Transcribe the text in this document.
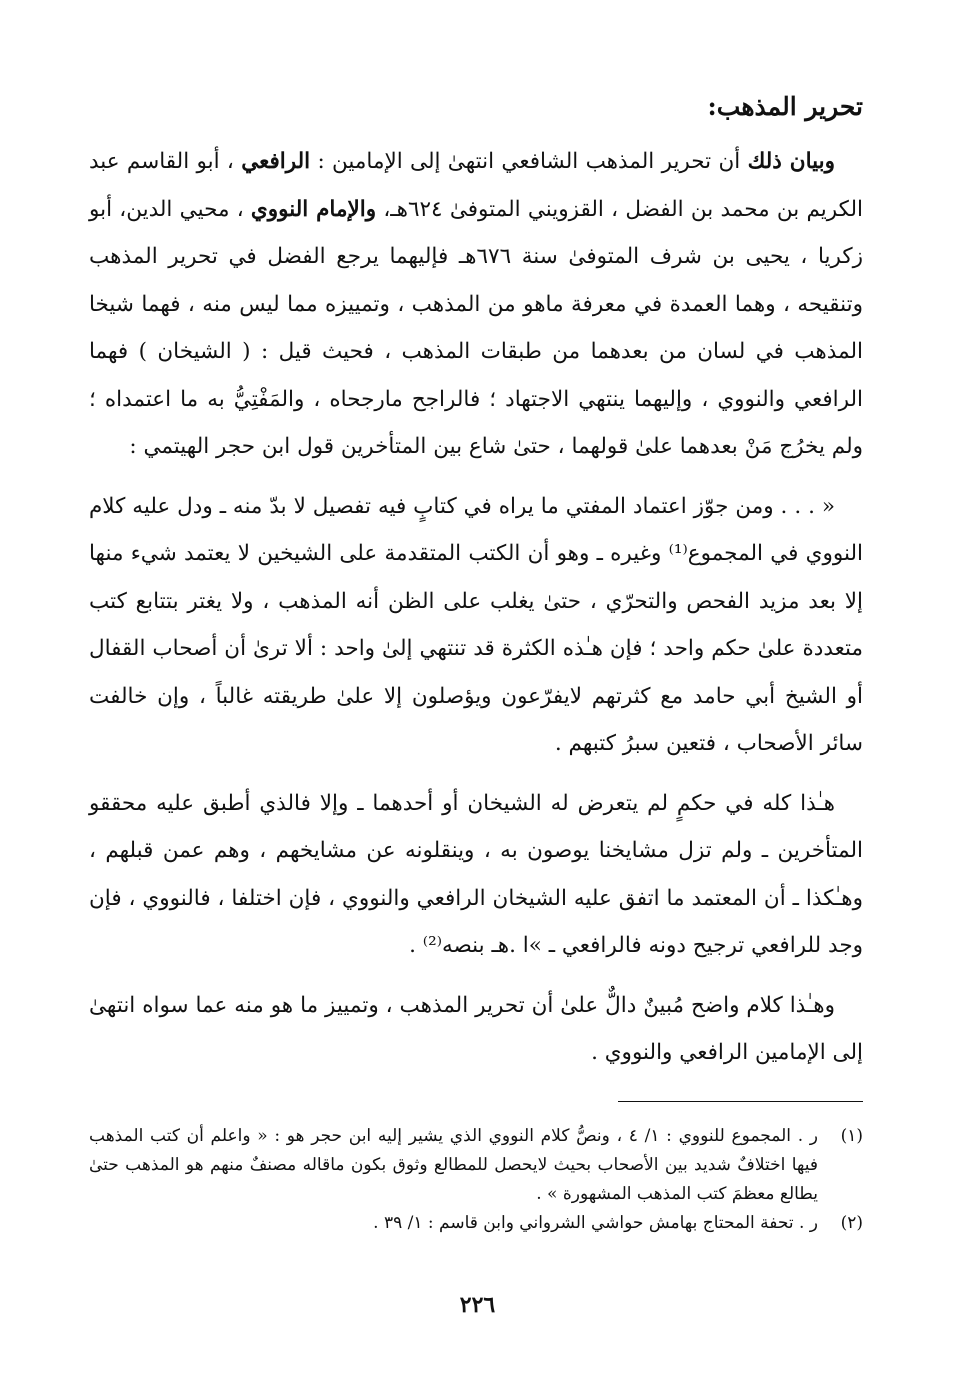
تحرير المذهب:

وبيان ذلك أن تحرير المذهب الشافعي انتهىٰ إلى الإمامين : الرافعي ، أبو القاسم عبد الكريم بن محمد بن الفضل ، القزويني المتوفىٰ ٦٢٤هـ، والإمام النووي ، محيي الدين، أبو زكريا ، يحيى بن شرف المتوفىٰ سنة ٦٧٦هـ فإليهما يرجع الفضل في تحرير المذهب وتنقيحه ، وهما العمدة في معرفة ماهو من المذهب ، وتمييزه مما ليس منه ، فهما شيخا المذهب في لسان من بعدهما من طبقات المذهب ، فحيث قيل : ( الشيخان ) فهما الرافعي والنووي ، وإليهما ينتهي الاجتهاد ؛ فالراجح مارجحاه ، والمَفْتِيُّ به ما اعتمداه ؛ ولم يخرُج مَنْ بعدهما علىٰ قولهما ، حتىٰ شاع بين المتأخرين قول ابن حجر الهيتمي :

« . . . ومن جوّز اعتماد المفتي ما يراه في كتابٍ فيه تفصيل لا بدّ منه ـ ودل عليه كلام النووي في المجموع⁽¹⁾ وغيره ـ وهو أن الكتب المتقدمة على الشيخين لا يعتمد شيء منها إلا بعد مزيد الفحص والتحرّي ، حتىٰ يغلب على الظن أنه المذهب ، ولا يغتر بتتابع كتب متعددة علىٰ حكم واحد ؛ فإن هـٰذه الكثرة قد تنتهي إلىٰ واحد : ألا ترىٰ أن أصحاب القفال أو الشيخ أبي حامد مع كثرتهم لايفرّعون ويؤصلون إلا علىٰ طريقته غالباً ، وإن خالفت سائر الأصحاب ، فتعين سبرُ كتبهم .

هـٰذا كله في حكمٍ لم يتعرض له الشيخان أو أحدهما ـ وإلا فالذي أطبق عليه محققو المتأخرين ـ ولم تزل مشايخنا يوصون به ، وينقلونه عن مشايخهم ، وهم عمن قبلهم ، وهـٰكذا ـ أن المعتمد ما اتفق عليه الشيخان الرافعي والنووي ، فإن اختلفا ، فالنووي ، فإن وجد للرافعي ترجيح دونه فالرافعي ـ »ا .هـ بنصه⁽²⁾ .

وهـٰذا كلام واضح مُبينٌ دالٌّ علىٰ أن تحرير المذهب ، وتمييز ما هو منه عما سواه انتهىٰ إلى الإمامين الرافعي والنووي .

(١)
ر . المجموع للنووي : ١/ ٤ ، ونصُّ كلام النووي الذي يشير إليه ابن حجر هو : « واعلم أن كتب المذهب فيها اختلافٌ شديد بين الأصحاب بحيث لايحصل للمطالع وثوق بكون ماقاله مصنفٌ منهم هو المذهب حتىٰ يطالع معظمَ كتب المذهب المشهورة » .
(٢)
ر . تحفة المحتاج بهامش حواشي الشرواني وابن قاسم : ١/ ٣٩ .
٢٢٦
